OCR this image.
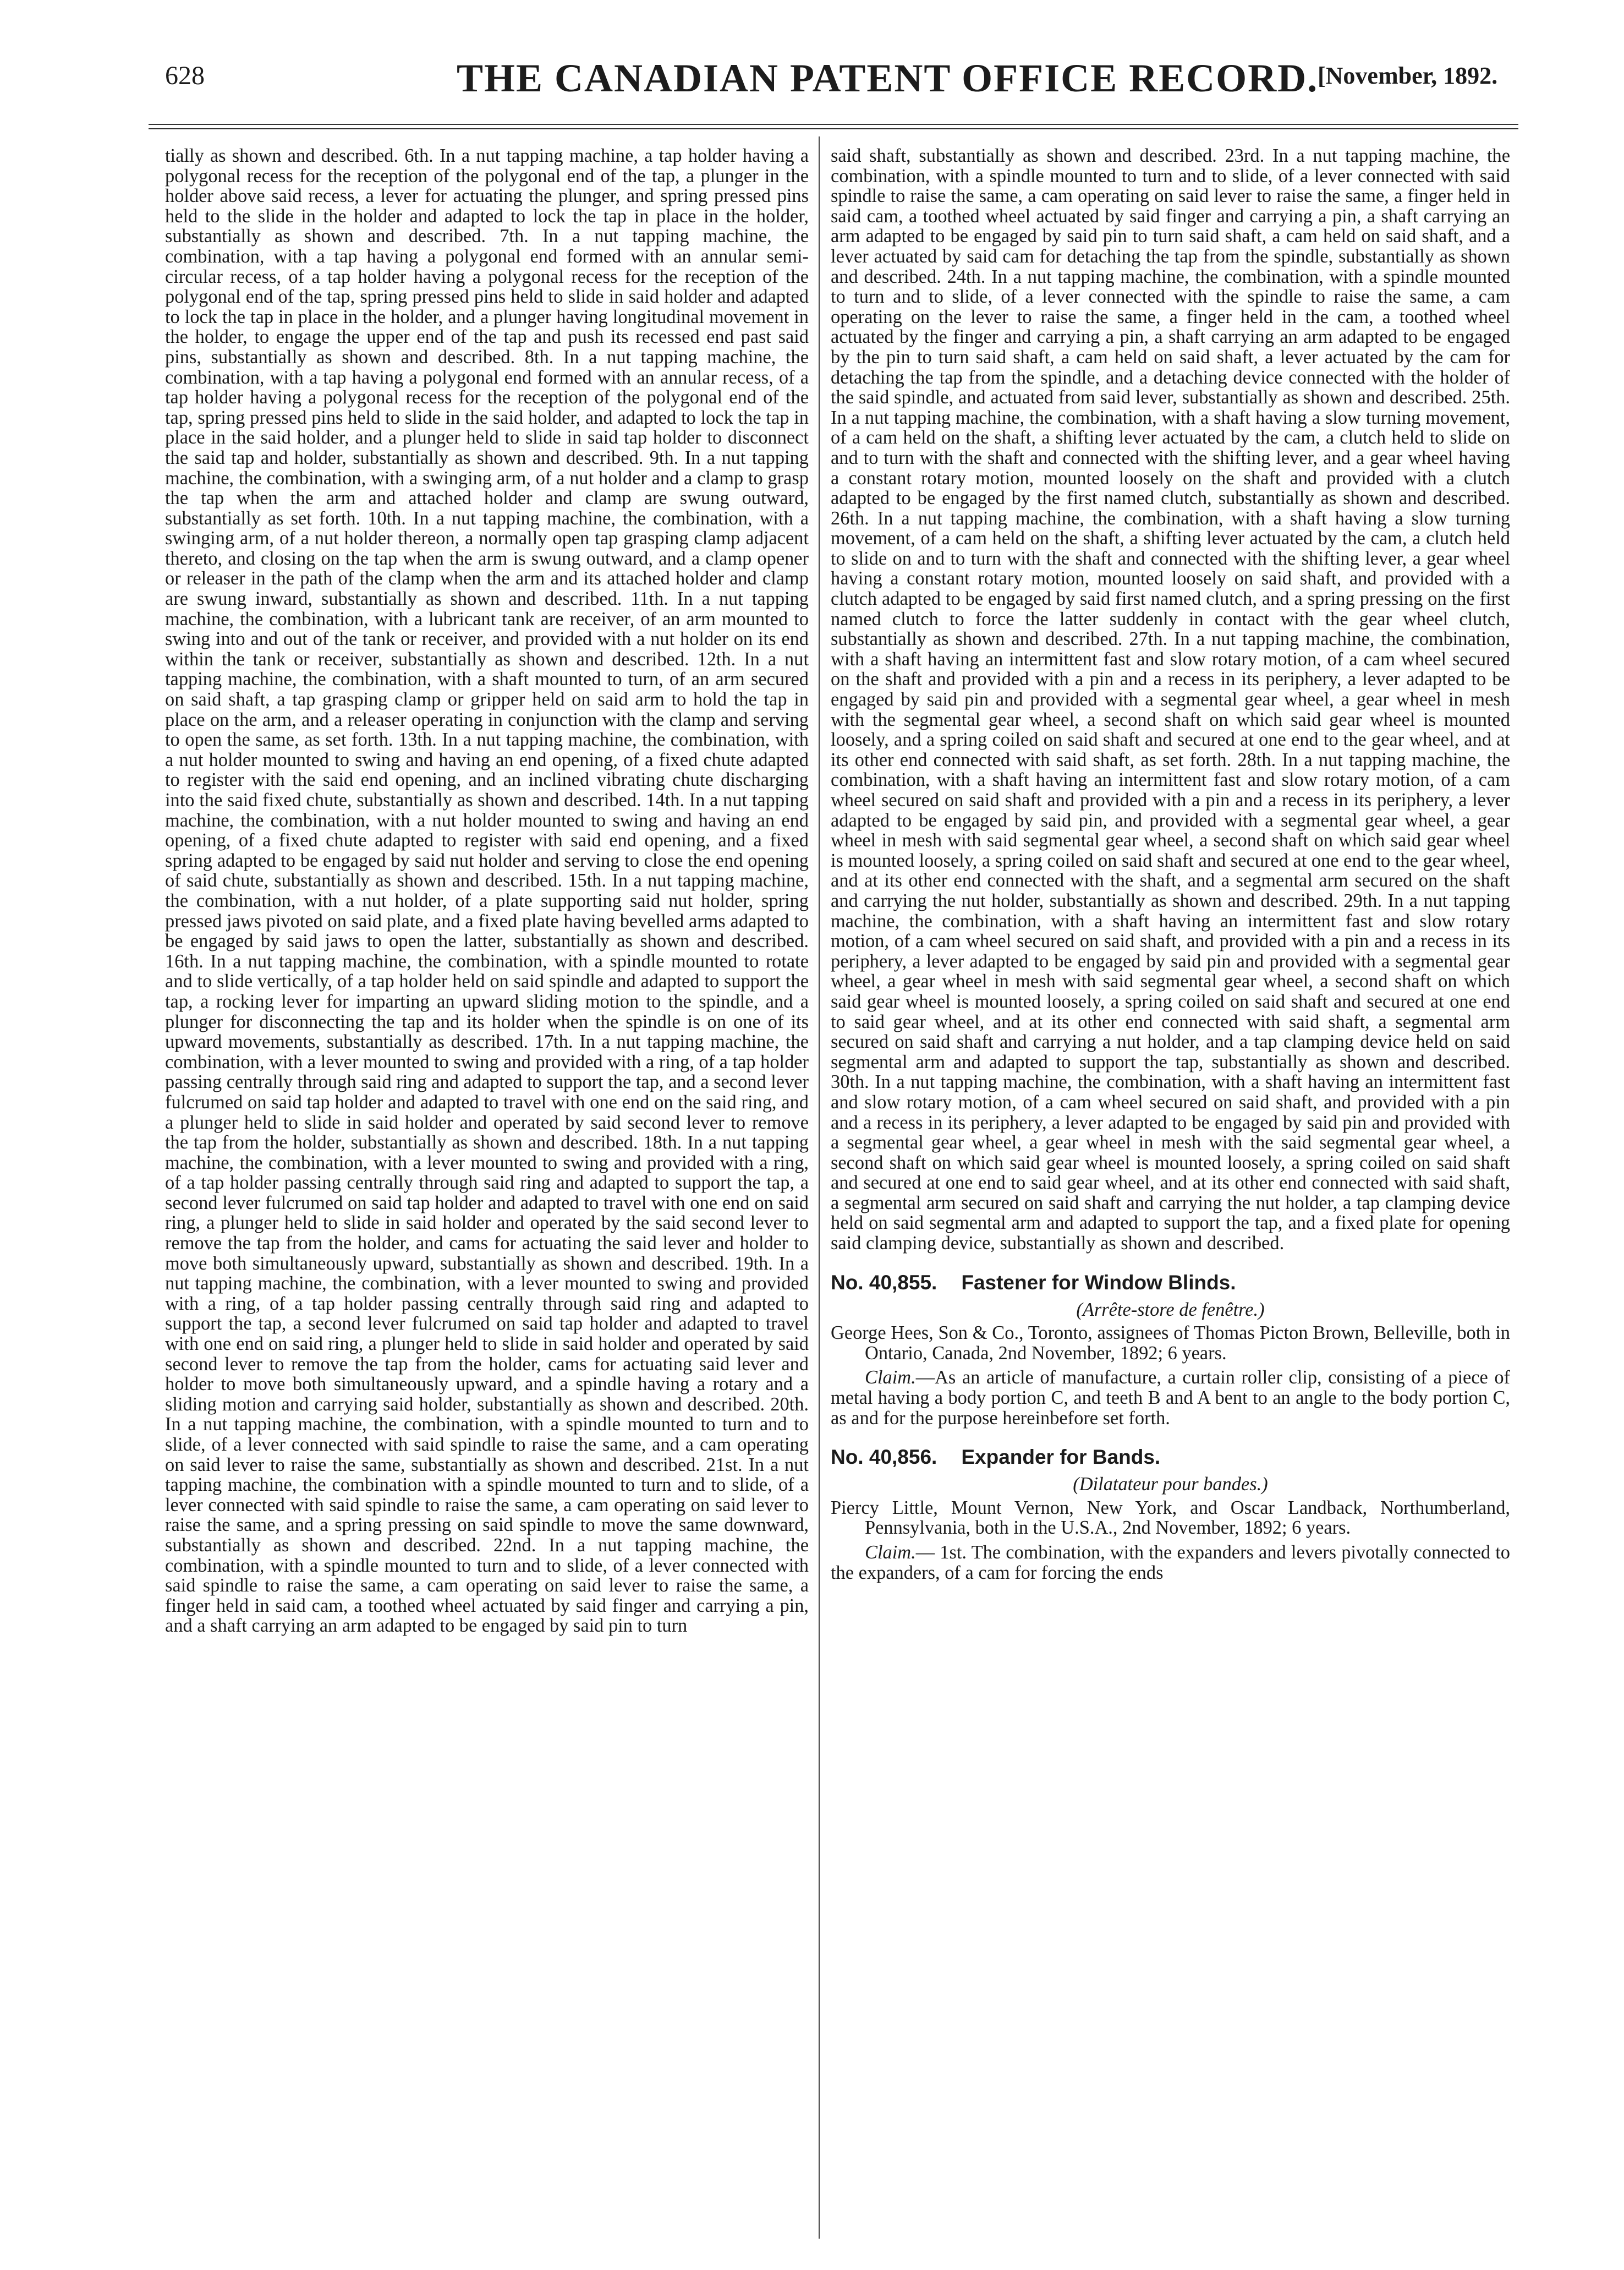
628	THE CANADIAN PATENT OFFICE RECORD.
[November, 1892.

tially as shown and described. 6th. In a nut tapping machine, a tap holder having a polygonal recess for the reception of the polygonal end of the tap, a plunger in the holder above said recess, a lever for actuating the plunger, and spring pressed pins held to the slide in the holder and adapted to lock the tap in place in the holder, substantially as shown and described. 7th. In a nut tapping machine, the combination, with a tap having a polygonal end formed with an annular semi-circular recess, of a tap holder having a polygonal recess for the reception of the polygonal end of the tap, spring pressed pins held to slide in said holder and adapted to lock the tap in place in the holder, and a plunger having longitudinal movement in the holder, to engage the upper end of the tap and push its recessed end past said pins, substantially as shown and described. 8th. In a nut tapping machine, the combination, with a tap having a polygonal end formed with an annular recess, of a tap holder having a polygonal recess for the reception of the polygonal end of the tap, spring pressed pins held to slide in the said holder, and adapted to lock the tap in place in the said holder, and a plunger held to slide in said tap holder to disconnect the said tap and holder, substantially as shown and described. 9th. In a nut tapping machine, the combination, with a swinging arm, of a nut holder and a clamp to grasp the tap when the arm and attached holder and clamp are swung outward, substantially as set forth. 10th. In a nut tapping machine, the combination, with a swinging arm, of a nut holder thereon, a normally open tap grasping clamp adjacent thereto, and closing on the tap when the arm is swung outward, and a clamp opener or releaser in the path of the clamp when the arm and its attached holder and clamp are swung inward, substantially as shown and described. 11th. In a nut tapping machine, the combination, with a lubricant tank are receiver, of an arm mounted to swing into and out of the tank or receiver, and provided with a nut holder on its end within the tank or receiver, substantially as shown and described. 12th. In a nut tapping machine, the combination, with a shaft mounted to turn, of an arm secured on said shaft, a tap grasping clamp or gripper held on said arm to hold the tap in place on the arm, and a releaser operating in conjunction with the clamp and serving to open the same, as set forth. 13th. In a nut tapping machine, the combination, with a nut holder mounted to swing and having an end opening, of a fixed chute adapted to register with the said end opening, and an inclined vibrating chute discharging into the said fixed chute, substantially as shown and described. 14th. In a nut tapping machine, the combination, with a nut holder mounted to swing and having an end opening, of a fixed chute adapted to register with said end opening, and a fixed spring adapted to be engaged by said nut holder and serving to close the end opening of said chute, substantially as shown and described. 15th. In a nut tapping machine, the combination, with a nut holder, of a plate supporting said nut holder, spring pressed jaws pivoted on said plate, and a fixed plate having bevelled arms adapted to be engaged by said jaws to open the latter, substantially as shown and described. 16th. In a nut tapping machine, the combination, with a spindle mounted to rotate and to slide vertically, of a tap holder held on said spindle and adapted to support the tap, a rocking lever for imparting an upward sliding motion to the spindle, and a plunger for disconnecting the tap and its holder when the spindle is on one of its upward movements, substantially as described. 17th. In a nut tapping machine, the combination, with a lever mounted to swing and provided with a ring, of a tap holder passing centrally through said ring and adapted to support the tap, and a second lever fulcrumed on said tap holder and adapted to travel with one end on the said ring, and a plunger held to slide in said holder and operated by said second lever to remove the tap from the holder, substantially as shown and described. 18th. In a nut tapping machine, the combination, with a lever mounted to swing and provided with a ring, of a tap holder passing centrally through said ring and adapted to support the tap, a second lever fulcrumed on said tap holder and adapted to travel with one end on said ring, a plunger held to slide in said holder and operated by the said second lever to remove the tap from the holder, and cams for actuating the said lever and holder to move both simultaneously upward, substantially as shown and described. 19th. In a nut tapping machine, the combination, with a lever mounted to swing and provided with a ring, of a tap holder passing centrally through said ring and adapted to support the tap, a second lever fulcrumed on said tap holder and adapted to travel with one end on said ring, a plunger held to slide in said holder and operated by said second lever to remove the tap from the holder, cams for actuating said lever and holder to move both simultaneously upward, and a spindle having a rotary and a sliding motion and carrying said holder, substantially as shown and described. 20th. In a nut tapping machine, the combination, with a spindle mounted to turn and to slide, of a lever connected with said spindle to raise the same, and a cam operating on said lever to raise the same, substantially as shown and described. 21st. In a nut tapping machine, the combination with a spindle mounted to turn and to slide, of a lever connected with said spindle to raise the same, a cam operating on said lever to raise the same, and a spring pressing on said spindle to move the same downward, substantially as shown and described. 22nd. In a nut tapping machine, the combination, with a spindle mounted to turn and to slide, of a lever connected with said spindle to raise the same, a cam operating on said lever to raise the same, a finger held in said cam, a toothed wheel actuated by said finger and carrying a pin, and a shaft carrying an arm adapted to be engaged by said pin to turn

said shaft, substantially as shown and described. 23rd. In a nut tapping machine, the combination, with a spindle mounted to turn and to slide, of a lever connected with said spindle to raise the same, a cam operating on said lever to raise the same, a finger held in said cam, a toothed wheel actuated by said finger and carrying a pin, a shaft carrying an arm adapted to be engaged by said pin to turn said shaft, a cam held on said shaft, and a lever actuated by said cam for detaching the tap from the spindle, substantially as shown and described. 24th. In a nut tapping machine, the combination, with a spindle mounted to turn and to slide, of a lever connected with the spindle to raise the same, a cam operating on the lever to raise the same, a finger held in the cam, a toothed wheel actuated by the finger and carrying a pin, a shaft carrying an arm adapted to be engaged by the pin to turn said shaft, a cam held on said shaft, a lever actuated by the cam for detaching the tap from the spindle, and a detaching device connected with the holder of the said spindle, and actuated from said lever, substantially as shown and described. 25th. In a nut tapping machine, the combination, with a shaft having a slow turning movement, of a cam held on the shaft, a shifting lever actuated by the cam, a clutch held to slide on and to turn with the shaft and connected with the shifting lever, and a gear wheel having a constant rotary motion, mounted loosely on the shaft and provided with a clutch adapted to be engaged by the first named clutch, substantially as shown and described. 26th. In a nut tapping machine, the combination, with a shaft having a slow turning movement, of a cam held on the shaft, a shifting lever actuated by the cam, a clutch held to slide on and to turn with the shaft and connected with the shifting lever, a gear wheel having a constant rotary motion, mounted loosely on said shaft, and provided with a clutch adapted to be engaged by said first named clutch, and a spring pressing on the first named clutch to force the latter suddenly in contact with the gear wheel clutch, substantially as shown and described. 27th. In a nut tapping machine, the combination, with a shaft having an intermittent fast and slow rotary motion, of a cam wheel secured on the shaft and provided with a pin and a recess in its periphery, a lever adapted to be engaged by said pin and provided with a segmental gear wheel, a gear wheel in mesh with the segmental gear wheel, a second shaft on which said gear wheel is mounted loosely, and a spring coiled on said shaft and secured at one end to the gear wheel, and at its other end connected with said shaft, as set forth. 28th. In a nut tapping machine, the combination, with a shaft having an intermittent fast and slow rotary motion, of a cam wheel secured on said shaft and provided with a pin and a recess in its periphery, a lever adapted to be engaged by said pin, and provided with a segmental gear wheel, a gear wheel in mesh with said segmental gear wheel, a second shaft on which said gear wheel is mounted loosely, a spring coiled on said shaft and secured at one end to the gear wheel, and at its other end connected with the shaft, and a segmental arm secured on the shaft and carrying the nut holder, substantially as shown and described. 29th. In a nut tapping machine, the combination, with a shaft having an intermittent fast and slow rotary motion, of a cam wheel secured on said shaft, and provided with a pin and a recess in its periphery, a lever adapted to be engaged by said pin and provided with a segmental gear wheel, a gear wheel in mesh with said segmental gear wheel, a second shaft on which said gear wheel is mounted loosely, a spring coiled on said shaft and secured at one end to said gear wheel, and at its other end connected with said shaft, a segmental arm secured on said shaft and carrying a nut holder, and a tap clamping device held on said segmental arm and adapted to support the tap, substantially as shown and described. 30th. In a nut tapping machine, the combination, with a shaft having an intermittent fast and slow rotary motion, of a cam wheel secured on said shaft, and provided with a pin and a recess in its periphery, a lever adapted to be engaged by said pin and provided with a segmental gear wheel, a gear wheel in mesh with the said segmental gear wheel, a second shaft on which said gear wheel is mounted loosely, a spring coiled on said shaft and secured at one end to said gear wheel, and at its other end connected with said shaft, a segmental arm secured on said shaft and carrying the nut holder, a tap clamping device held on said segmental arm and adapted to support the tap, and a fixed plate for opening said clamping device, substantially as shown and described.

No. 40,855. Fastener for Window Blinds.

(Arrête-store de fenêtre.)

George Hees, Son & Co., Toronto, assignees of Thomas Picton Brown, Belleville, both in Ontario, Canada, 2nd November, 1892; 6 years.

Claim.—As an article of manufacture, a curtain roller clip, consisting of a piece of metal having a body portion C, and teeth B and A bent to an angle to the body portion C, as and for the purpose hereinbefore set forth.

No. 40,856. Expander for Bands.

(Dilatateur pour bandes.)

Piercy Little, Mount Vernon, New York, and Oscar Landback, Northumberland, Pennsylvania, both in the U.S.A., 2nd November, 1892; 6 years.

Claim.— 1st. The combination, with the expanders and levers pivotally connected to the expanders, of a cam for forcing the ends
